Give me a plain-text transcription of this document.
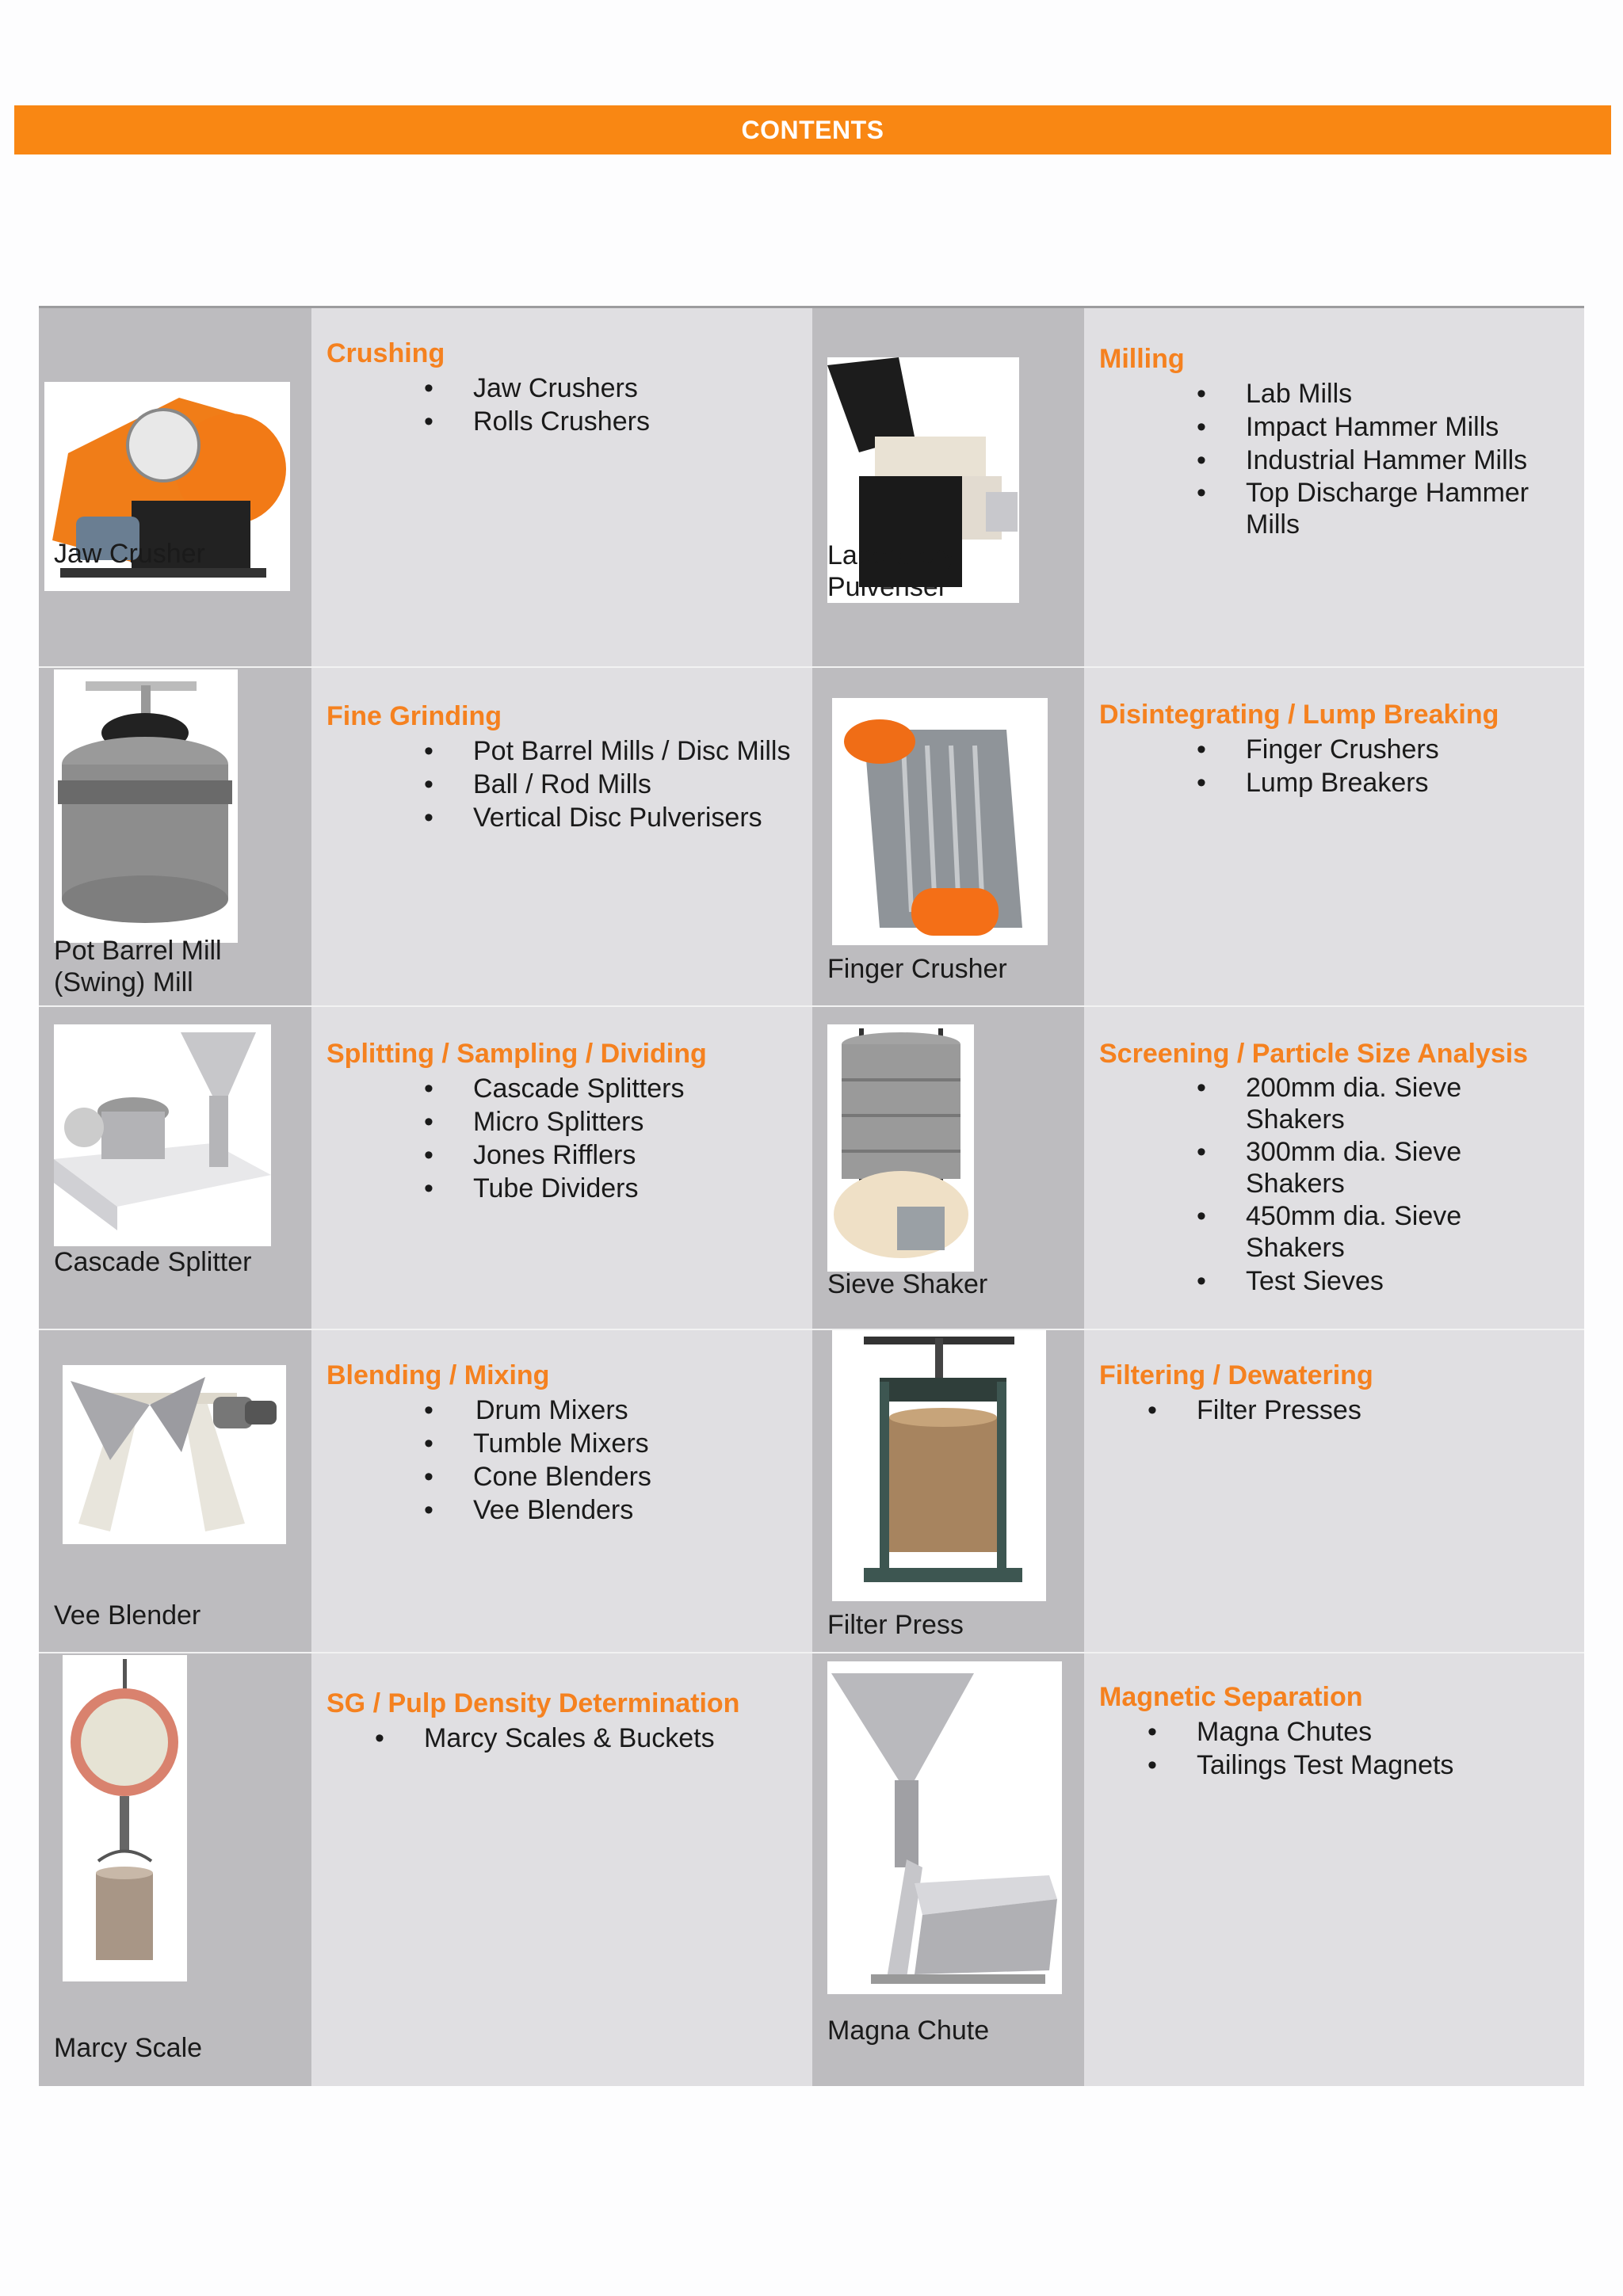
CONTENTS
Jaw Crusher
Crushing
• Jaw Crushers
• Rolls Crushers
Laboratory Pulveriser
Milling
• Lab Mills
• Impact Hammer Mills
• Industrial Hammer Mills
• Top Discharge Hammer Mills
Pot Barrel Mill (Swing) Mill
Fine Grinding
• Pot Barrel Mills / Disc Mills
• Ball / Rod Mills
• Vertical Disc Pulverisers
Finger Crusher
Disintegrating / Lump Breaking
• Finger Crushers
• Lump Breakers
Cascade Splitter
Splitting / Sampling / Dividing
• Cascade Splitters
• Micro Splitters
• Jones Rifflers
• Tube Dividers
Sieve Shaker
Screening / Particle Size Analysis
• 200mm dia. Sieve Shakers
• 300mm dia. Sieve Shakers
• 450mm dia. Sieve Shakers
• Test Sieves
Vee Blender
Blending / Mixing
• Drum Mixers
• Tumble Mixers
• Cone Blenders
• Vee Blenders
Filter Press
Filtering / Dewatering
• Filter Presses
Marcy Scale
SG / Pulp Density Determination
• Marcy Scales & Buckets
Magna Chute
Magnetic Separation
• Magna Chutes
• Tailings Test Magnets
